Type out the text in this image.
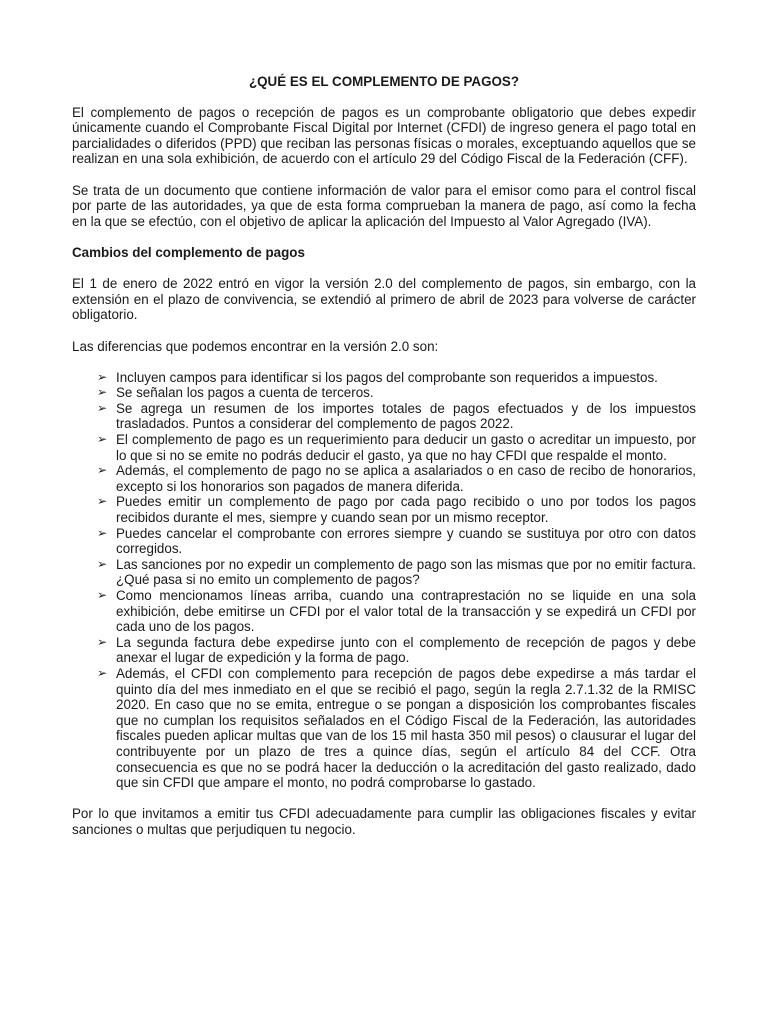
¿QUÉ ES EL COMPLEMENTO DE PAGOS?

El complemento de pagos o recepción de pagos es un comprobante obligatorio que debes expedir únicamente cuando el Comprobante Fiscal Digital por Internet (CFDI) de ingreso genera el pago total en parcialidades o diferidos (PPD) que reciban las personas físicas o morales, exceptuando aquellos que se realizan en una sola exhibición, de acuerdo con el artículo 29 del Código Fiscal de la Federación (CFF).

Se trata de un documento que contiene información de valor para el emisor como para el control fiscal por parte de las autoridades, ya que de esta forma comprueban la manera de pago, así como la fecha en la que se efectúo, con el objetivo de aplicar la aplicación del Impuesto al Valor Agregado (IVA).

Cambios del complemento de pagos

El 1 de enero de 2022 entró en vigor la versión 2.0 del complemento de pagos, sin embargo, con la extensión en el plazo de convivencia, se extendió al primero de abril de 2023 para volverse de carácter obligatorio.

Las diferencias que podemos encontrar en la versión 2.0 son:

➢ Incluyen campos para identificar si los pagos del comprobante son requeridos a impuestos.
➢ Se señalan los pagos a cuenta de terceros.
➢ Se agrega un resumen de los importes totales de pagos efectuados y de los impuestos trasladados. Puntos a considerar del complemento de pagos 2022.
➢ El complemento de pago es un requerimiento para deducir un gasto o acreditar un impuesto, por lo que si no se emite no podrás deducir el gasto, ya que no hay CFDI que respalde el monto.
➢ Además, el complemento de pago no se aplica a asalariados o en caso de recibo de honorarios, excepto si los honorarios son pagados de manera diferida.
➢ Puedes emitir un complemento de pago por cada pago recibido o uno por todos los pagos recibidos durante el mes, siempre y cuando sean por un mismo receptor.
➢ Puedes cancelar el comprobante con errores siempre y cuando se sustituya por otro con datos corregidos.
➢ Las sanciones por no expedir un complemento de pago son las mismas que por no emitir factura. ¿Qué pasa si no emito un complemento de pagos?
➢ Como mencionamos líneas arriba, cuando una contraprestación no se liquide en una sola exhibición, debe emitirse un CFDI por el valor total de la transacción y se expedirá un CFDI por cada uno de los pagos.
➢ La segunda factura debe expedirse junto con el complemento de recepción de pagos y debe anexar el lugar de expedición y la forma de pago.
➢ Además, el CFDI con complemento para recepción de pagos debe expedirse a más tardar el quinto día del mes inmediato en el que se recibió el pago, según la regla 2.7.1.32 de la RMISC 2020. En caso que no se emita, entregue o se pongan a disposición los comprobantes fiscales que no cumplan los requisitos señalados en el Código Fiscal de la Federación, las autoridades fiscales pueden aplicar multas que van de los 15 mil hasta 350 mil pesos) o clausurar el lugar del contribuyente por un plazo de tres a quince días, según el artículo 84 del CCF. Otra consecuencia es que no se podrá hacer la deducción o la acreditación del gasto realizado, dado que sin CFDI que ampare el monto, no podrá comprobarse lo gastado.

Por lo que invitamos a emitir tus CFDI adecuadamente para cumplir las obligaciones fiscales y evitar sanciones o multas que perjudiquen tu negocio.
